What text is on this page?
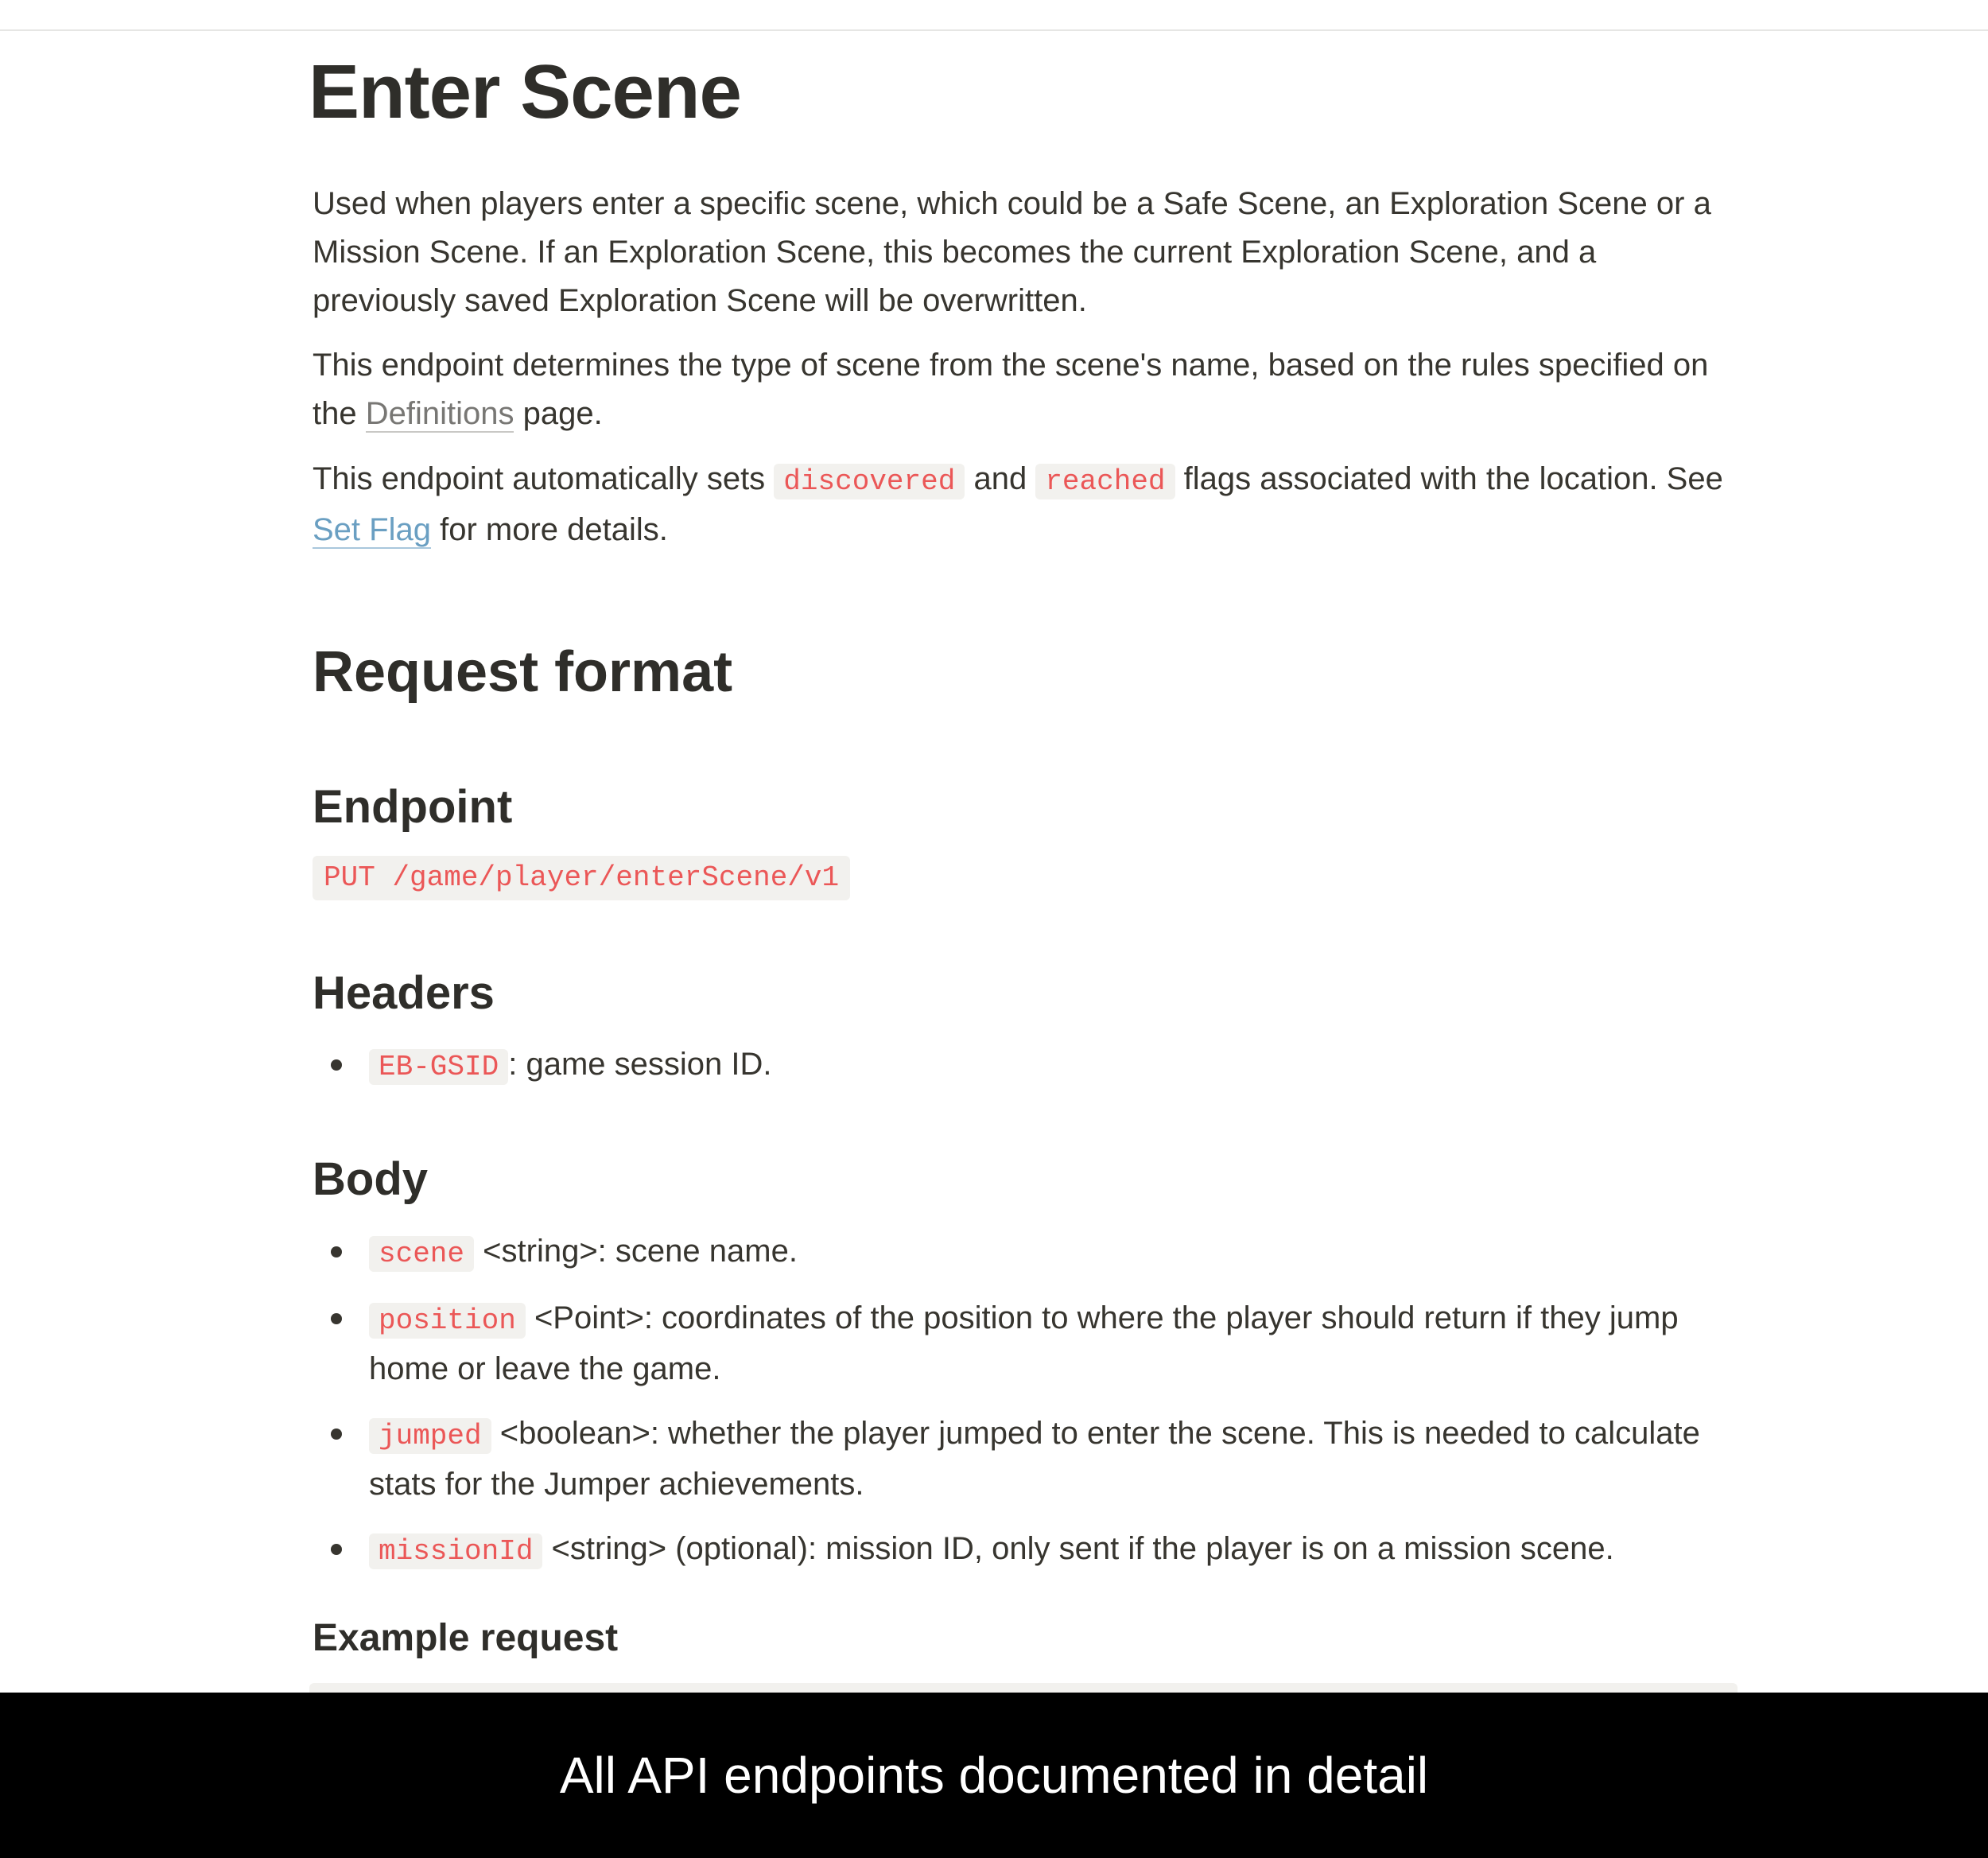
Enter Scene

Used when players enter a specific scene, which could be a Safe Scene, an Exploration Scene or a Mission Scene. If an Exploration Scene, this becomes the current Exploration Scene, and a previously saved Exploration Scene will be overwritten.

This endpoint determines the type of scene from the scene's name, based on the rules specified on the Definitions page.

This endpoint automatically sets discovered and reached flags associated with the location. See Set Flag for more details.

Request format
Endpoint
PUT /game/player/enterScene/v1
Headers
EB-GSID : game session ID.
Body
scene <string>: scene name.
position <Point>: coordinates of the position to where the player should return if they jump home or leave the game.
jumped <boolean>: whether the player jumped to enter the scene. This is needed to calculate stats for the Jumper achievements.
missionId <string> (optional): mission ID, only sent if the player is on a mission scene.
Example request
All API endpoints documented in detail
